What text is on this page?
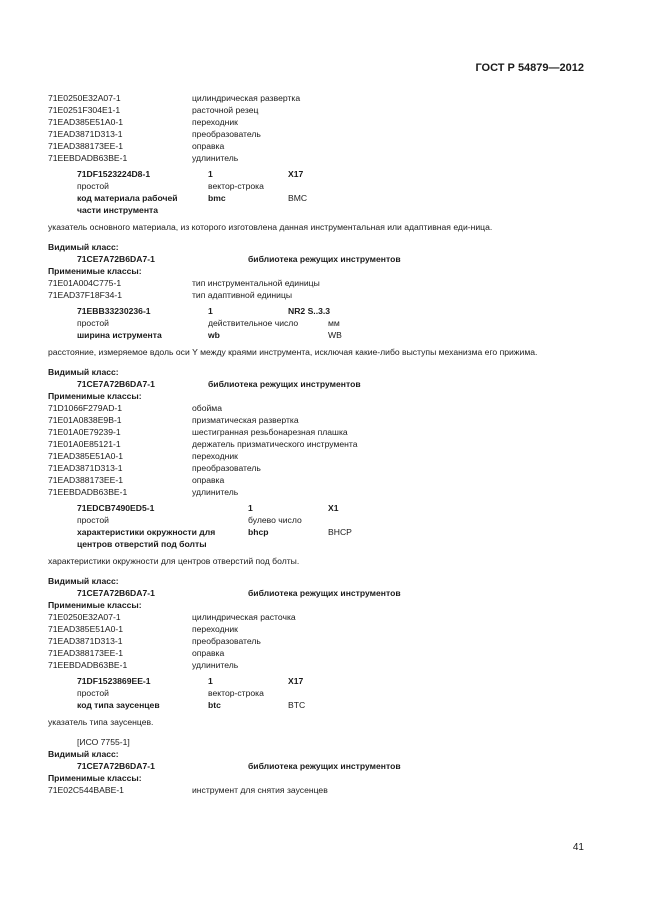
ГОСТ Р 54879—2012
71E0250E32A07-1	цилиндрическая развертка
71E0251F304E1-1	расточной резец
71EAD385E51A0-1	переходник
71EAD3871D313-1	преобразователь
71EAD388173EE-1	оправка
71EEBDADB63BE-1	удлинитель
71DF1523224D8-1	1	X17
простой	вектор-строка
код материала рабочей	bmc	BMC
части инструмента
указатель основного материала, из которого изготовлена данная инструментальная или адаптивная еди-ница.
Видимый класс:
71CE7A72B6DA7-1	библиотека режущих инструментов
Применимые классы:
71E01A004C775-1	тип инструментальной единицы
71EAD37F18F34-1	тип адаптивной единицы
71EBB33230236-1	1	NR2 S..3.3
простой	действительное число	мм
ширина иструмента	wb	WB
расстояние, измеряемое вдоль оси Y между краями инструмента, исключая какие-либо выступы механизма его прижима.
Видимый класс:
71CE7A72B6DA7-1	библиотека режущих инструментов
Применимые классы:
71D1066F279AD-1	обойма
71E01A0838E9B-1	призматическая развертка
71E01A0E79239-1	шестигранная резьбонарезная плашка
71E01A0E85121-1	держатель призматического инструмента
71EAD385E51A0-1	переходник
71EAD3871D313-1	преобразователь
71EAD388173EE-1	оправка
71EEBDADB63BE-1	удлинитель
71EDCB7490ED5-1	1	X1
простой	булево число
характеристики окружности для	bhcp	BHCP
центров отверстий под болты
характеристики окружности для центров отверстий под болты.
Видимый класс:
71CE7A72B6DA7-1	библиотека режущих инструментов
Применимые классы:
71E0250E32A07-1	цилиндрическая расточка
71EAD385E51A0-1	переходник
71EAD3871D313-1	преобразователь
71EAD388173EE-1	оправка
71EEBDADB63BE-1	удлинитель
71DF1523869EE-1	1	X17
простой	вектор-строка
код типа заусенцев	btc	BTC
указатель типа заусенцев.
[ИСО 7755-1]
Видимый класс:
71CE7A72B6DA7-1	библиотека режущих инструментов
Применимые классы:
71E02C544BABE-1	инструмент для снятия заусенцев
41
